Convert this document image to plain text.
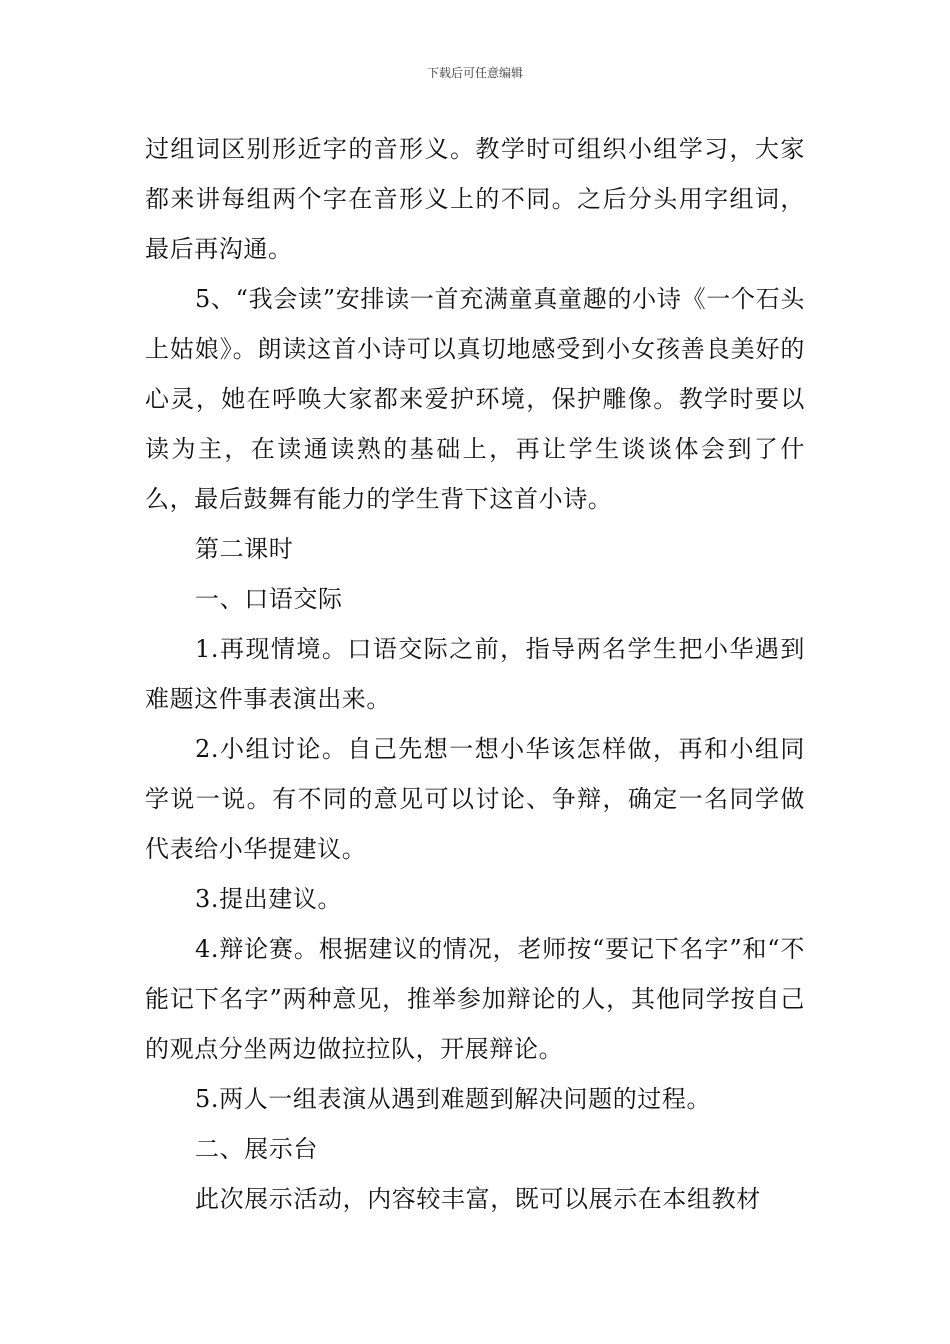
下载后可任意编辑

过组词区别形近字的音形义。教学时可组织小组学习，大家都来讲每组两个字在音形义上的不同。之后分头用字组词，最后再沟通。

5、“我会读”安排读一首充满童真童趣的小诗《一个石头上姑娘》。朗读这首小诗可以真切地感受到小女孩善良美好的心灵，她在呼唤大家都来爱护环境，保护雕像。教学时要以读为主，在读通读熟的基础上，再让学生谈谈体会到了什么，最后鼓舞有能力的学生背下这首小诗。

第二课时

一、口语交际

1.再现情境。口语交际之前，指导两名学生把小华遇到难题这件事表演出来。

2.小组讨论。自己先想一想小华该怎样做，再和小组同学说一说。有不同的意见可以讨论、争辩，确定一名同学做代表给小华提建议。

3.提出建议。

4.辩论赛。根据建议的情况，老师按“要记下名字”和“不能记下名字”两种意见，推举参加辩论的人，其他同学按自己的观点分坐两边做拉拉队，开展辩论。

5.两人一组表演从遇到难题到解决问题的过程。

二、展示台

此次展示活动，内容较丰富，既可以展示在本组教材
